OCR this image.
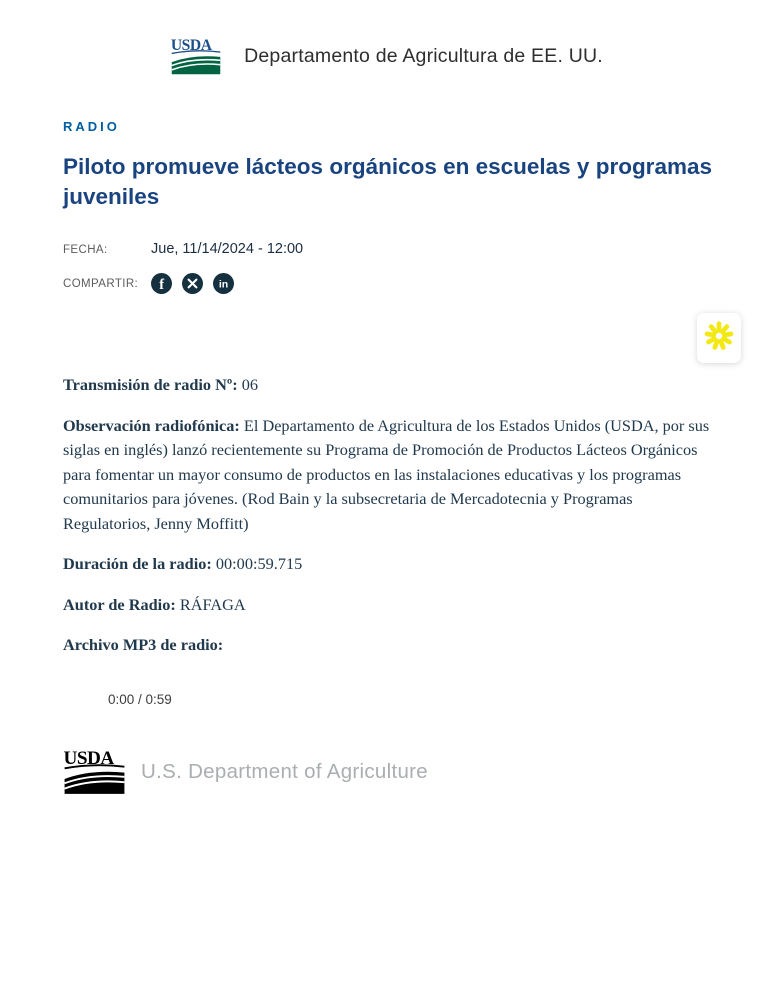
USDA Departamento de Agricultura de EE. UU.
RADIO
Piloto promueve lácteos orgánicos en escuelas y programas juveniles
FECHA:	Jue, 11/14/2024 - 12:00
COMPARTIR:	f	in

Transmisión de radio Nº: 06

Observación radiofónica: El Departamento de Agricultura de los Estados Unidos (USDA, por sus siglas en inglés) lanzó recientemente su Programa de Promoción de Productos Lácteos Orgánicos para fomentar un mayor consumo de productos en las instalaciones educativas y los programas comunitarios para jóvenes. (Rod Bain y la subsecretaria de Mercadotecnia y Programas Regulatorios, Jenny Moffitt)

Duración de la radio: 00:00:59.715

Autor de Radio: RÁFAGA

Archivo MP3 de radio:

0:00 / 0:59
USDA
U.S. Department of Agriculture
